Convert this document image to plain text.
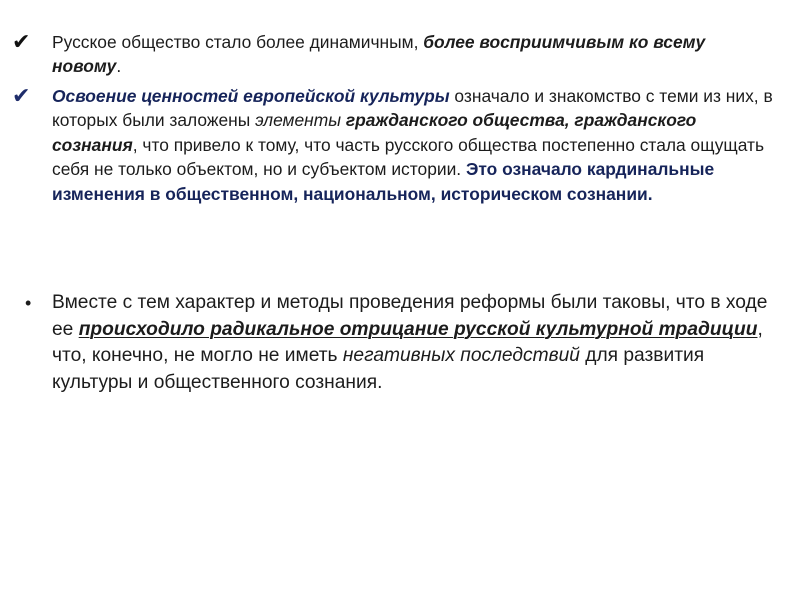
✔ Русское общество стало более динамичным, более восприимчивым ко всему новому.
✔ Освоение ценностей европейской культуры означало и знакомство с теми из них, в которых были заложены элементы гражданского общества, гражданского сознания, что привело к тому, что часть русского общества постепенно стала ощущать себя не только объектом, но и субъектом истории. Это означало кардинальные изменения в общественном, национальном, историческом сознании.
• Вместе с тем характер и методы проведения реформы были таковы, что в ходе ее происходило радикальное отрицание русской культурной традиции, что, конечно, не могло не иметь негативных последствий для развития культуры и общественного сознания.
